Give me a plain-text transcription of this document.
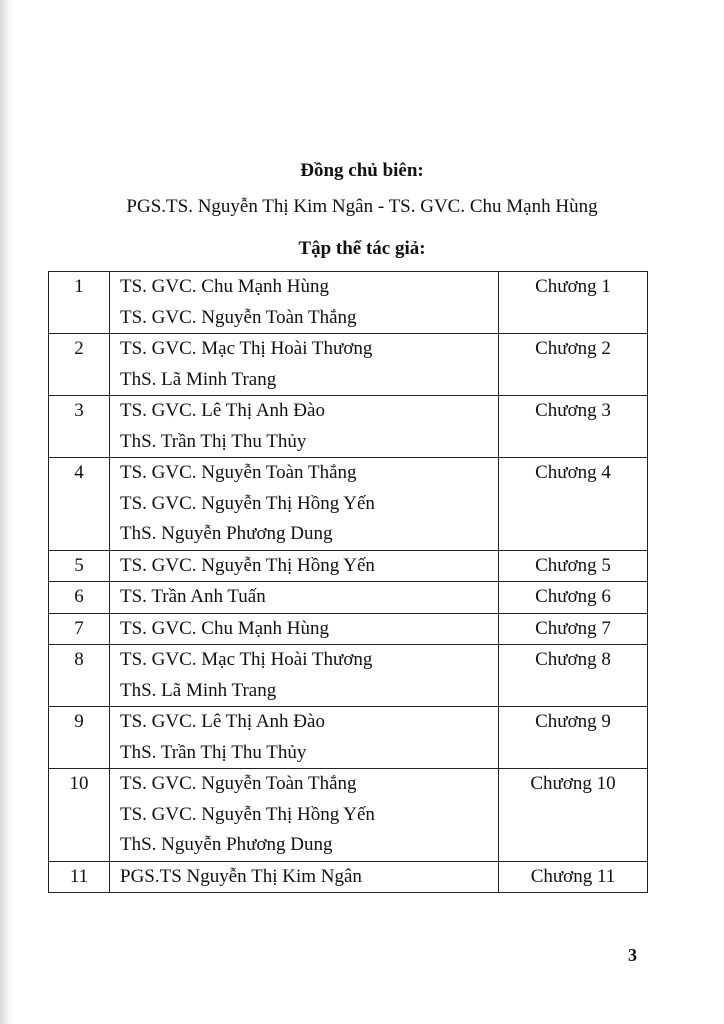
Đồng chủ biên:
PGS.TS. Nguyễn Thị Kim Ngân - TS. GVC. Chu Mạnh Hùng
Tập thể tác giả:
1	TS. GVC. Chu Mạnh Hùng
TS. GVC. Nguyễn Toàn Thắng	Chương 1
2	TS. GVC. Mạc Thị Hoài Thương
ThS. Lã Minh Trang	Chương 2
3	TS. GVC. Lê Thị Anh Đào
ThS. Trần Thị Thu Thủy	Chương 3
4	TS. GVC. Nguyễn Toàn Thắng
TS. GVC. Nguyễn Thị Hồng Yến
ThS. Nguyễn Phương Dung	Chương 4
5	TS. GVC. Nguyễn Thị Hồng Yến	Chương 5
6	TS. Trần Anh Tuấn	Chương 6
7	TS. GVC. Chu Mạnh Hùng	Chương 7
8	TS. GVC. Mạc Thị Hoài Thương
ThS. Lã Minh Trang	Chương 8
9	TS. GVC. Lê Thị Anh Đào
ThS. Trần Thị Thu Thủy	Chương 9
10	TS. GVC. Nguyễn Toàn Thắng
TS. GVC. Nguyễn Thị Hồng Yến
ThS. Nguyễn Phương Dung	Chương 10
11	PGS.TS Nguyễn Thị Kim Ngân	Chương 11
3
